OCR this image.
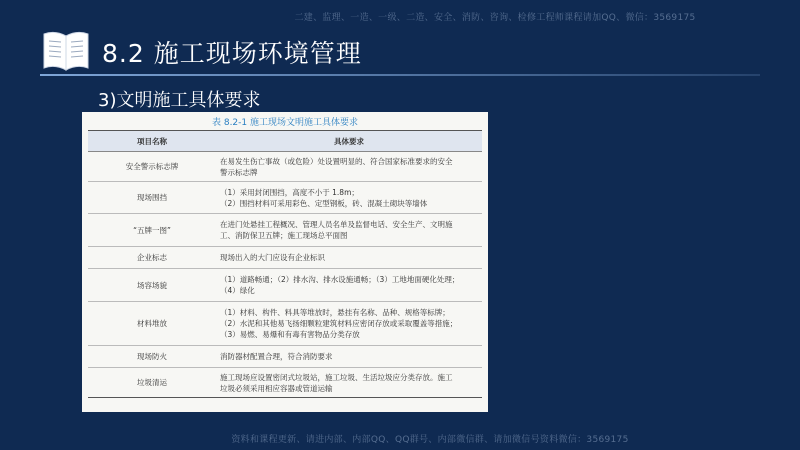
二建、监理、一造、一级、二造、安全、消防、咨询、检修工程师课程请加QQ、微信：3569175
8.2 施工现场环境管理
3)文明施工具体要求
表 8.2-1 施工现场文明施工具体要求
项目名称	具体要求
安全警示标志牌	在易发生伤亡事故（或危险）处设置明显的、符合国家标准要求的安全
警示标志牌

现场围挡	（1）采用封闭围挡，高度不小于 1.8m；
（2）围挡材料可采用彩色、定型钢板，砖、混凝土砌块等墙体

“五牌一图”	在进门处悬挂工程概况、管理人员名单及监督电话、安全生产、文明施
工、消防保卫五牌；施工现场总平面图

企业标志	现场出入的大门应设有企业标识

场容场貌	（1）道路畅通；（2）排水沟、排水设施通畅；（3）工地地面硬化处理；
（4）绿化

材料堆放	（1）材料、构件、料具等堆放时，悬挂有名称、品种、规格等标牌；
（2）水泥和其他易飞扬细颗粒建筑材料应密闭存放或采取覆盖等措施；
（3）易燃、易爆和有毒有害物品分类存放

现场防火	消防器材配置合理，符合消防要求

垃圾清运	施工现场应设置密闭式垃圾站，施工垃圾、生活垃圾应分类存放。施工
垃圾必须采用相应容器或管道运输
资料和课程更新、请进内部、内部QQ、QQ群号、内部微信群、请加微信号资料微信：3569175
